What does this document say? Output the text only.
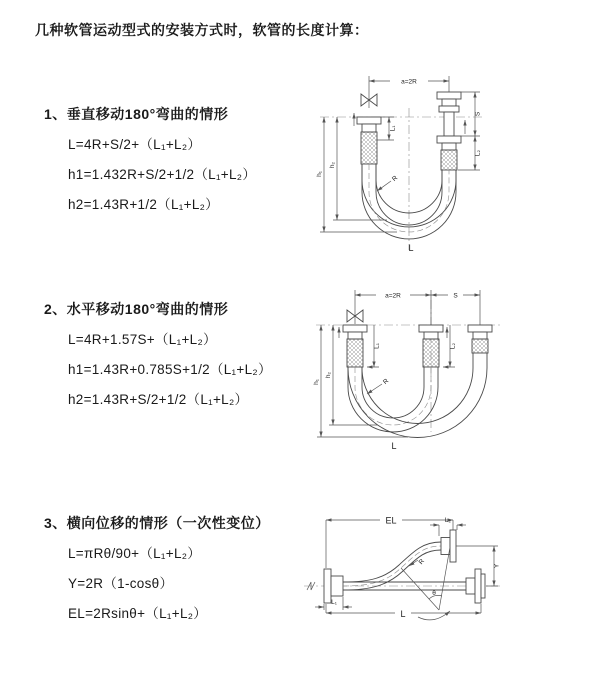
几种软管运动型式的安装方式时，软管的长度计算：
1、垂直移动180°弯曲的情形
L=4R+S/2+（L₁+L₂）
h1=1.432R+S/2+1/2（L₁+L₂）
h2=1.43R+1/2（L₁+L₂）
2、水平移动180°弯曲的情形
L=4R+1.57S+（L₁+L₂）
h1=1.43R+0.785S+1/2（L₁+L₂）
h2=1.43R+S/2+1/2（L₁+L₂）
3、横向位移的情形（一次性变位）
L=πRθ/90+（L₁+L₂）
Y=2R（1-cosθ）
EL=2Rsinθ+（L₁+L₂）
a=2R
L₁
S
L₂
R
h₁
h₂
L
a=2R	S
L₁	L₂
R
h₁
h₂
L
EL	L₂
Y
R
θ
L₁
L
